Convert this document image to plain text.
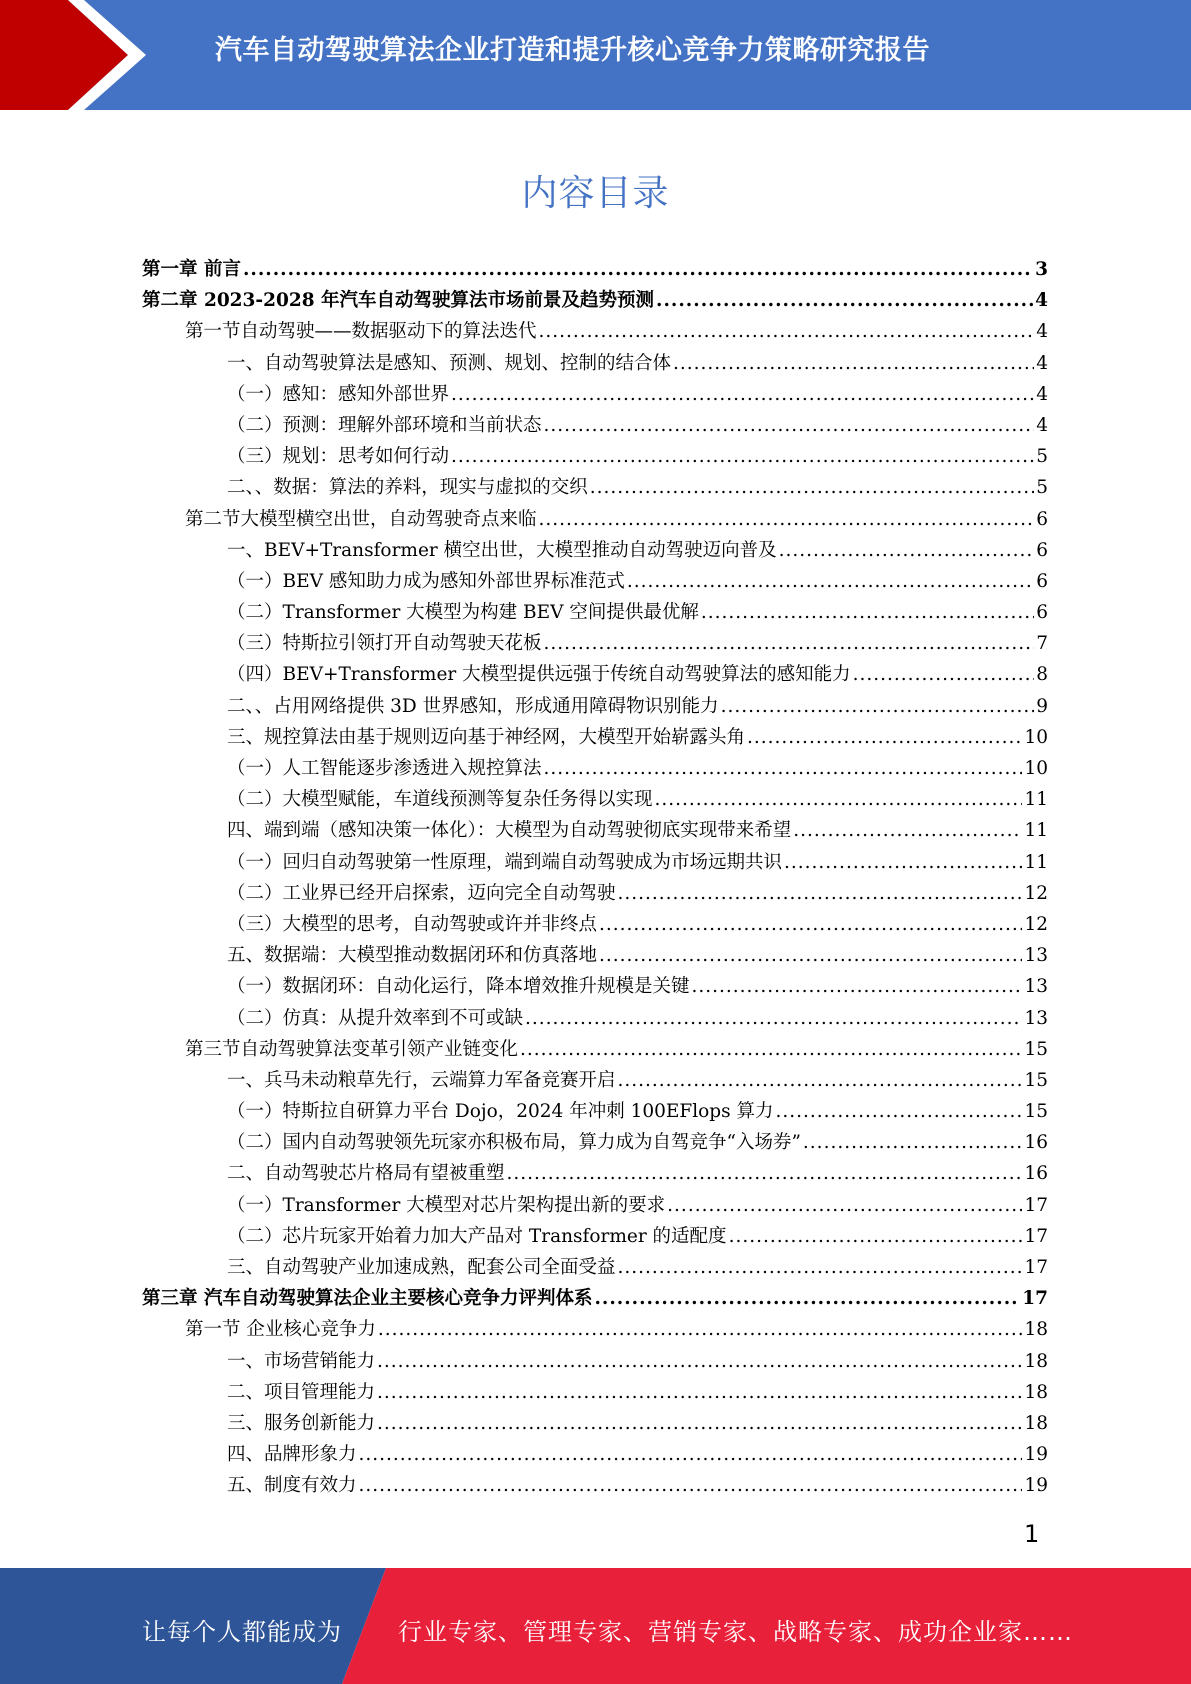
汽车自动驾驶算法企业打造和提升核心竞争力策略研究报告
内容目录
第一章 前言 .....	3
第二章 2023-2028 年汽车自动驾驶算法市场前景及趋势预测 .....	4
第一节自动驾驶——数据驱动下的算法迭代 .....	4
一、自动驾驶算法是感知、预测、规划、控制的结合体 .....	4
（一）感知：感知外部世界 .....	4
（二）预测：理解外部环境和当前状态 .....	4
（三）规划：思考如何行动 .....	5
二、、数据：算法的养料，现实与虚拟的交织 .....	5
第二节大模型横空出世，自动驾驶奇点来临 .....	6
一、BEV+Transformer 横空出世，大模型推动自动驾驶迈向普及 .....	6
（一）BEV 感知助力成为感知外部世界标准范式 .....	6
（二）Transformer 大模型为构建 BEV 空间提供最优解 .....	6
（三）特斯拉引领打开自动驾驶天花板 .....	7
（四）BEV+Transformer 大模型提供远强于传统自动驾驶算法的感知能力 .....	8
二、、占用网络提供 3D 世界感知，形成通用障碍物识别能力 .....	9
三、规控算法由基于规则迈向基于神经网，大模型开始崭露头角 .....	10
（一）人工智能逐步渗透进入规控算法 .....	10
（二）大模型赋能，车道线预测等复杂任务得以实现 .....	11
四、端到端（感知决策一体化）：大模型为自动驾驶彻底实现带来希望 .....	11
（一）回归自动驾驶第一性原理，端到端自动驾驶成为市场远期共识 .....	11
（二）工业界已经开启探索，迈向完全自动驾驶 .....	12
（三）大模型的思考，自动驾驶或许并非终点 .....	12
五、数据端：大模型推动数据闭环和仿真落地 .....	13
（一）数据闭环：自动化运行，降本增效推升规模是关键 .....	13
（二）仿真：从提升效率到不可或缺 .....	13
第三节自动驾驶算法变革引领产业链变化 .....	15
一、兵马未动粮草先行，云端算力军备竞赛开启 .....	15
（一）特斯拉自研算力平台 Dojo，2024 年冲刺 100EFlops 算力 .....	15
（二）国内自动驾驶领先玩家亦积极布局，算力成为自驾竞争“入场券” .....	16
二、自动驾驶芯片格局有望被重塑 .....	16
（一）Transformer 大模型对芯片架构提出新的要求 .....	17
（二）芯片玩家开始着力加大产品对 Transformer 的适配度 .....	17
三、自动驾驶产业加速成熟，配套公司全面受益 .....	17
第三章 汽车自动驾驶算法企业主要核心竞争力评判体系 .....	17
第一节 企业核心竞争力 .....	18
一、市场营销能力 .....	18
二、项目管理能力 .....	18
三、服务创新能力 .....	18
四、品牌形象力 .....	19
五、制度有效力 .....	19
1
让每个人都能成为 行业专家、管理专家、营销专家、战略专家、成功企业家……
